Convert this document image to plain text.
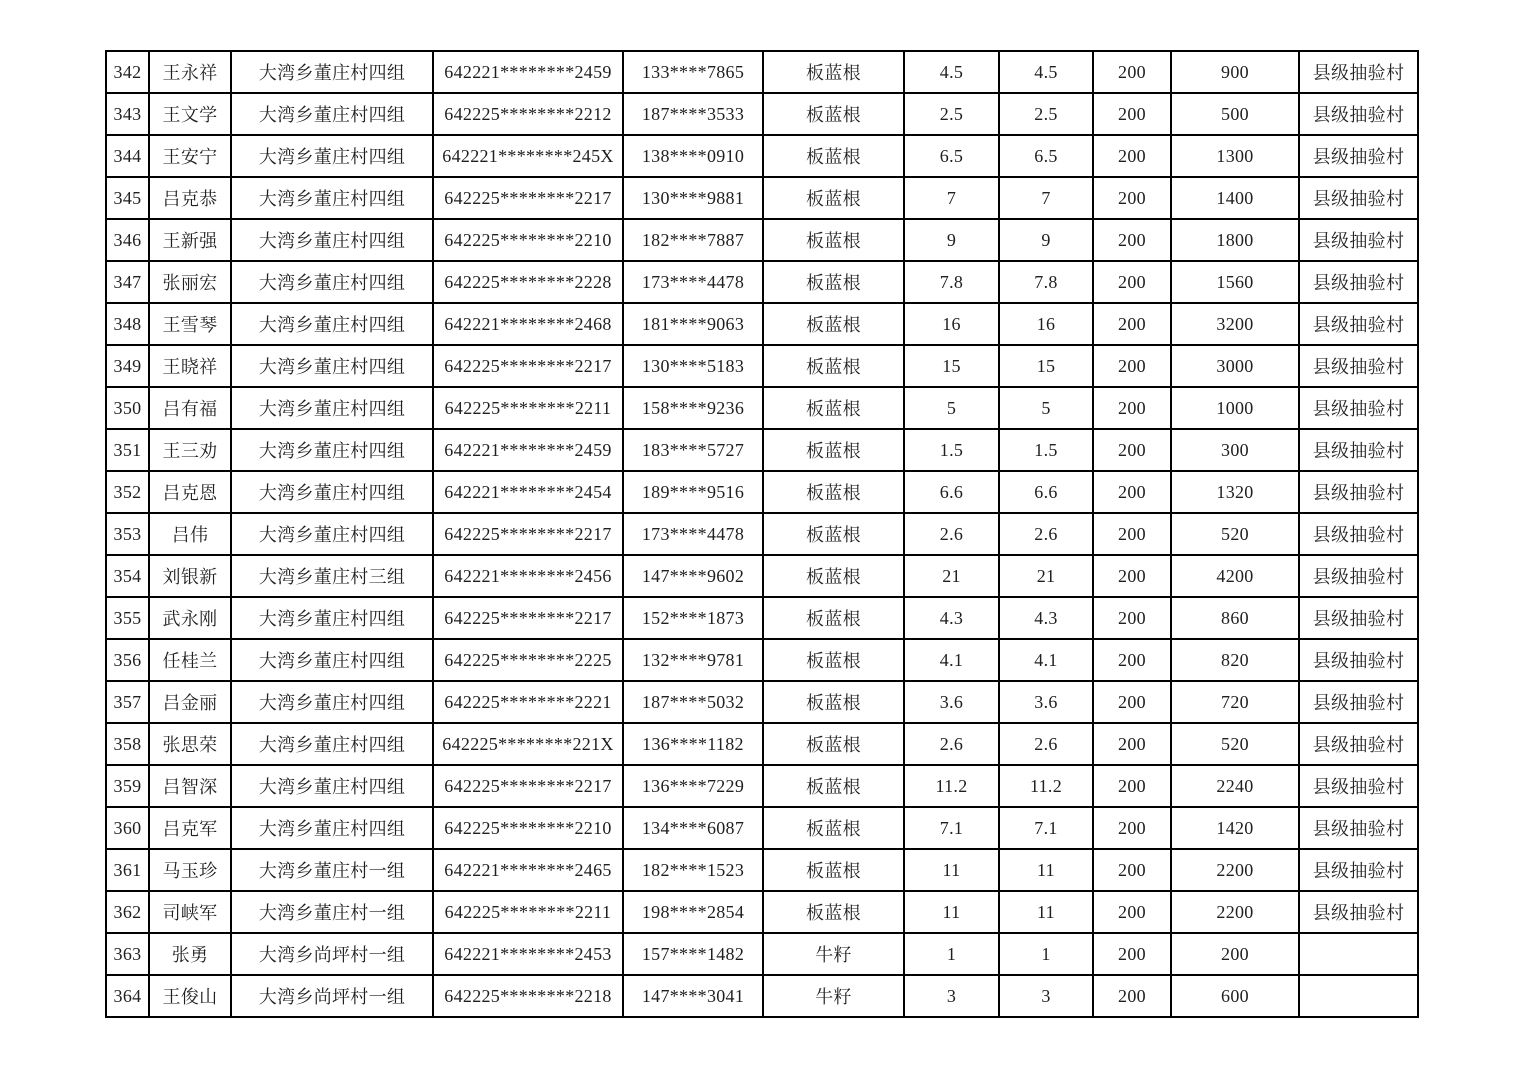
342	王永祥	大湾乡董庄村四组	642221********2459	133****7865	板蓝根	4.5	4.5	200	900	县级抽验村
343	王文学	大湾乡董庄村四组	642225********2212	187****3533	板蓝根	2.5	2.5	200	500	县级抽验村
344	王安宁	大湾乡董庄村四组	642221********245X	138****0910	板蓝根	6.5	6.5	200	1300	县级抽验村
345	吕克恭	大湾乡董庄村四组	642225********2217	130****9881	板蓝根	7	7	200	1400	县级抽验村
346	王新强	大湾乡董庄村四组	642225********2210	182****7887	板蓝根	9	9	200	1800	县级抽验村
347	张丽宏	大湾乡董庄村四组	642225********2228	173****4478	板蓝根	7.8	7.8	200	1560	县级抽验村
348	王雪琴	大湾乡董庄村四组	642221********2468	181****9063	板蓝根	16	16	200	3200	县级抽验村
349	王晓祥	大湾乡董庄村四组	642225********2217	130****5183	板蓝根	15	15	200	3000	县级抽验村
350	吕有福	大湾乡董庄村四组	642225********2211	158****9236	板蓝根	5	5	200	1000	县级抽验村
351	王三劝	大湾乡董庄村四组	642221********2459	183****5727	板蓝根	1.5	1.5	200	300	县级抽验村
352	吕克恩	大湾乡董庄村四组	642221********2454	189****9516	板蓝根	6.6	6.6	200	1320	县级抽验村
353	吕伟	大湾乡董庄村四组	642225********2217	173****4478	板蓝根	2.6	2.6	200	520	县级抽验村
354	刘银新	大湾乡董庄村三组	642221********2456	147****9602	板蓝根	21	21	200	4200	县级抽验村
355	武永刚	大湾乡董庄村四组	642225********2217	152****1873	板蓝根	4.3	4.3	200	860	县级抽验村
356	任桂兰	大湾乡董庄村四组	642225********2225	132****9781	板蓝根	4.1	4.1	200	820	县级抽验村
357	吕金丽	大湾乡董庄村四组	642225********2221	187****5032	板蓝根	3.6	3.6	200	720	县级抽验村
358	张思荣	大湾乡董庄村四组	642225********221X	136****1182	板蓝根	2.6	2.6	200	520	县级抽验村
359	吕智深	大湾乡董庄村四组	642225********2217	136****7229	板蓝根	11.2	11.2	200	2240	县级抽验村
360	吕克军	大湾乡董庄村四组	642225********2210	134****6087	板蓝根	7.1	7.1	200	1420	县级抽验村
361	马玉珍	大湾乡董庄村一组	642221********2465	182****1523	板蓝根	11	11	200	2200	县级抽验村
362	司峡军	大湾乡董庄村一组	642225********2211	198****2854	板蓝根	11	11	200	2200	县级抽验村
363	张勇	大湾乡尚坪村一组	642221********2453	157****1482	牛籽	1	1	200	200	
364	王俊山	大湾乡尚坪村一组	642225********2218	147****3041	牛籽	3	3	200	600	
